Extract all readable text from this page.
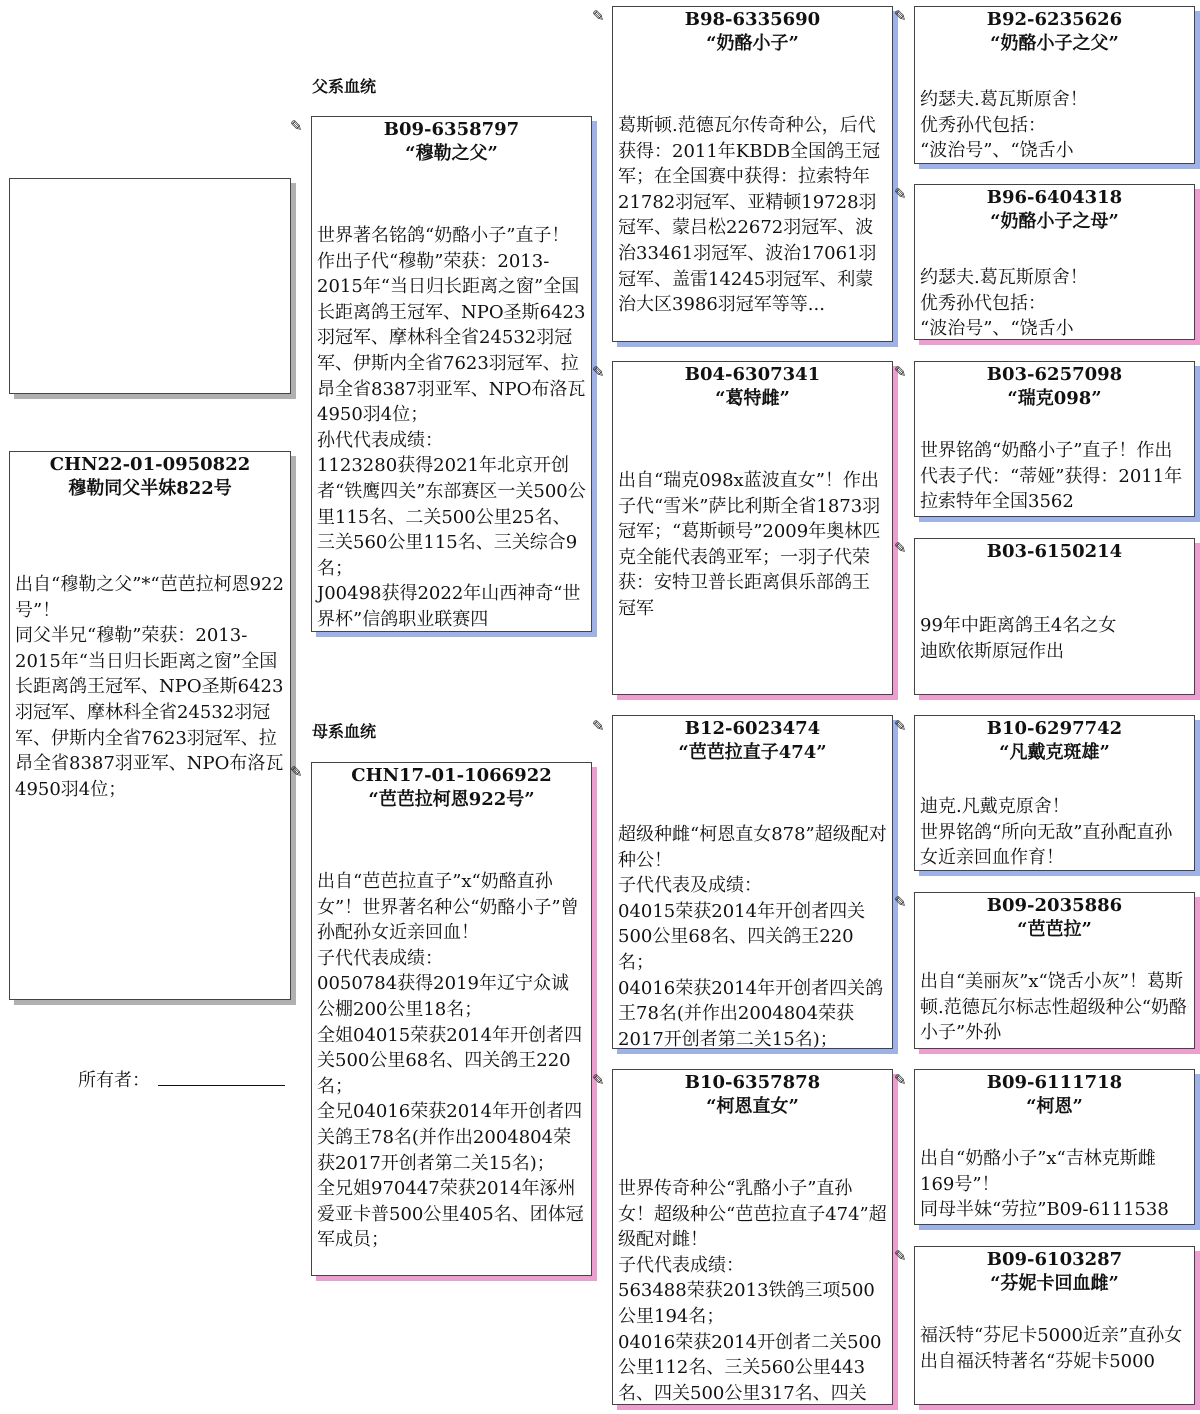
父系血统
母系血统
CHN22-01-0950822
穆勒同父半妹822号
出自“穆勒之父”*“芭芭拉柯恩922号”！
同父半兄“穆勒”荣获：2013-2015年“当日归长距离之窗”全国长距离鸽王冠军、NPO圣斯6423羽冠军、摩林科全省24532羽冠军、伊斯内全省7623羽冠军、拉昂全省8387羽亚军、NPO布洛瓦4950羽4位；
所有者：
✎	B09-6358797
“穆勒之父”
世界著名铭鸽“奶酪小子”直子！作出子代“穆勒”荣获：2013-2015年“当日归长距离之窗”全国长距离鸽王冠军、NPO圣斯6423羽冠军、摩林科全省24532羽冠军、伊斯内全省7623羽冠军、拉昂全省8387羽亚军、NPO布洛瓦4950羽4位；
孙代代表成绩：
1123280获得2021年北京开创者“铁鹰四关”东部赛区一关500公里115名、二关500公里25名、三关560公里115名、三关综合9名；
J00498获得2022年山西神奇“世界杯”信鸽职业联赛四
✎	CHN17-01-1066922
“芭芭拉柯恩922号”
出自“芭芭拉直子”x“奶酪直孙女”！世界著名种公“奶酪小子”曾孙配孙女近亲回血！
子代代表成绩：
0050784获得2019年辽宁众诚公棚200公里18名；
全姐04015荣获2014年开创者四关500公里68名、四关鸽王220名；
全兄04016荣获2014年开创者四关鸽王78名(并作出2004804荣获2017开创者第二关15名)；
全兄姐970447荣获2014年涿州爱亚卡普500公里405名、团体冠军成员；
✎	B98-6335690
“奶酪小子”
葛斯顿.范德瓦尔传奇种公，后代获得：2011年KBDB全国鸽王冠军；在全国赛中获得：拉索特年21782羽冠军、亚精顿19728羽冠军、蒙吕松22672羽冠军、波治33461羽冠军、波治17061羽冠军、盖雷14245羽冠军、利蒙治大区3986羽冠军等等...
✎	B04-6307341
“葛特雌”
出自“瑞克098x蓝波直女”！作出子代“雪米”萨比利斯全省1873羽冠军；“葛斯顿号”2009年奥林匹克全能代表鸽亚军；一羽子代荣获：安特卫普长距离俱乐部鸽王冠军
✎	B12-6023474
“芭芭拉直子474”
超级种雌“柯恩直女878”超级配对种公！
子代代表及成绩：
04015荣获2014年开创者四关500公里68名、四关鸽王220名；
04016荣获2014年开创者四关鸽王78名(并作出2004804荣获2017开创者第二关15名)；
✎	B10-6357878
“柯恩直女”
世界传奇种公“乳酪小子”直孙女！超级种公“芭芭拉直子474”超级配对雌！
子代代表成绩：
563488荣获2013铁鸽三项500公里194名；
04016荣获2014开创者二关500公里112名、三关560公里443名、四关500公里317名、四关
✎	B92-6235626
“奶酪小子之父”
约瑟夫.葛瓦斯原舍！
优秀孙代包括：
“波治号”、“饶舌小
✎	B96-6404318
“奶酪小子之母”
约瑟夫.葛瓦斯原舍！
优秀孙代包括：
“波治号”、“饶舌小
✎	B03-6257098
“瑞克098”
世界铭鸽“奶酪小子”直子！作出代表子代：“蒂娅”获得：2011年拉索特年全国3562
✎	B03-6150214
99年中距离鸽王4名之女
迪欧依斯原冠作出
✎	B10-6297742
“凡戴克斑雄”
迪克.凡戴克原舍！
世界铭鸽“所向无敌”直孙配直孙女近亲回血作育！
✎	B09-2035886
“芭芭拉”
出自“美丽灰”x“饶舌小灰”！葛斯顿.范德瓦尔标志性超级种公“奶酪小子”外孙
✎	B09-6111718
“柯恩”
出自“奶酪小子”x“吉林克斯雌169号”！
同母半妹“劳拉”B09-6111538
✎	B09-6103287
“芬妮卡回血雌”
福沃特“芬尼卡5000近亲”直孙女
出自福沃特著名“芬妮卡5000
